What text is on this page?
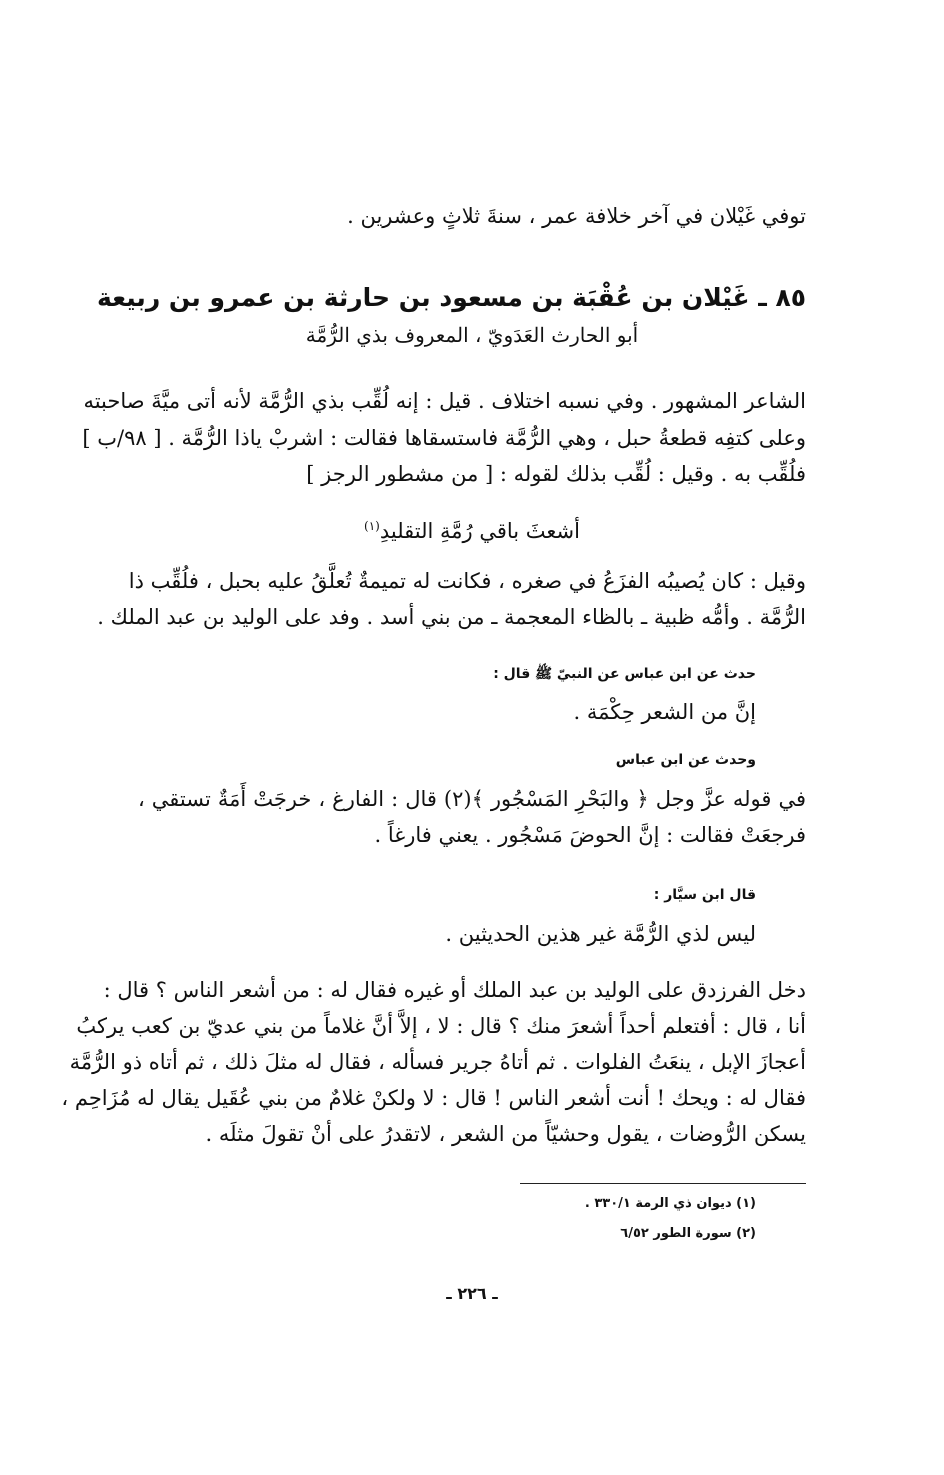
توفي غَيْلان في آخر خلافة عمر ، سنةَ ثلاثٍ وعشرين .
٨٥ ـ غَيْلان بن عُقْبَة بن مسعود بن حارثة بن عمرو بن ربيعة
أبو الحارث العَدَويّ ، المعروف بذي الرُّمَّة
الشاعر المشهور . وفي نسبه اختلاف . قيل : إنه لُقِّب بذي الرُّمَّة لأنه أتى ميَّةَ صاحبته
وعلى كتفِه قطعةُ حبل ، وهي الرُّمَّة فاستسقاها فقالت : اشربْ ياذا الرُّمَّة . [ ٩٨/ب ]
فلُقِّب به . وقيل : لُقِّب بذلك لقوله : [ من مشطور الرجز ]
أشعثَ باقي رُمَّةِ التقليدِ$^{(١)}$
وقيل : كان يُصيبُه الفزَعُ في صغره ، فكانت له تميمةٌ تُعلَّقُ عليه بحبل ، فلُقِّب ذا
الرُّمَّة . وأمُّه ظبية ـ بالظاء المعجمة ـ من بني أسد . وفد على الوليد بن عبد الملك .
حدث عن ابن عباس عن النبيّ ﷺ قال :
إنَّ من الشعر حِكْمَة .
وحدث عن ابن عباس
في قوله عزَّ وجل ﴿ والبَحْرِ المَسْجُور ﴾(٢) قال : الفارغ ، خرجَتْ أَمَةٌ تستقي ،
فرجعَتْ فقالت : إنَّ الحوضَ مَسْجُور . يعني فارغاً .
قال ابن سيَّار :
ليس لذي الرُّمَّة غير هذين الحديثين .
دخل الفرزدق على الوليد بن عبد الملك أو غيره فقال له : من أشعر الناس ؟ قال :
أنا ، قال : أفتعلم أحداً أشعرَ منك ؟ قال : لا ، إلاَّ أنَّ غلاماً من بني عديّ بن كعب يركبُ
أعجازَ الإبل ، ينعَتُ الفلوات . ثم أتاهُ جرير فسأله ، فقال له مثلَ ذلك ، ثم أتاه ذو الرُّمَّة
فقال له : ويحك ! أنت أشعر الناس ! قال : لا ولكنْ غلامٌ من بني عُقَيل يقال له مُزَاحِم ،
يسكن الرُّوضات ، يقول وحشيّاً من الشعر ، لاتقدرُ على أنْ تقولَ مثلَه .
(١) ديوان ذي الرمة ٣٣٠/١ .
(٢) سورة الطور ٦/٥٢
ـ ٢٢٦ ـ
